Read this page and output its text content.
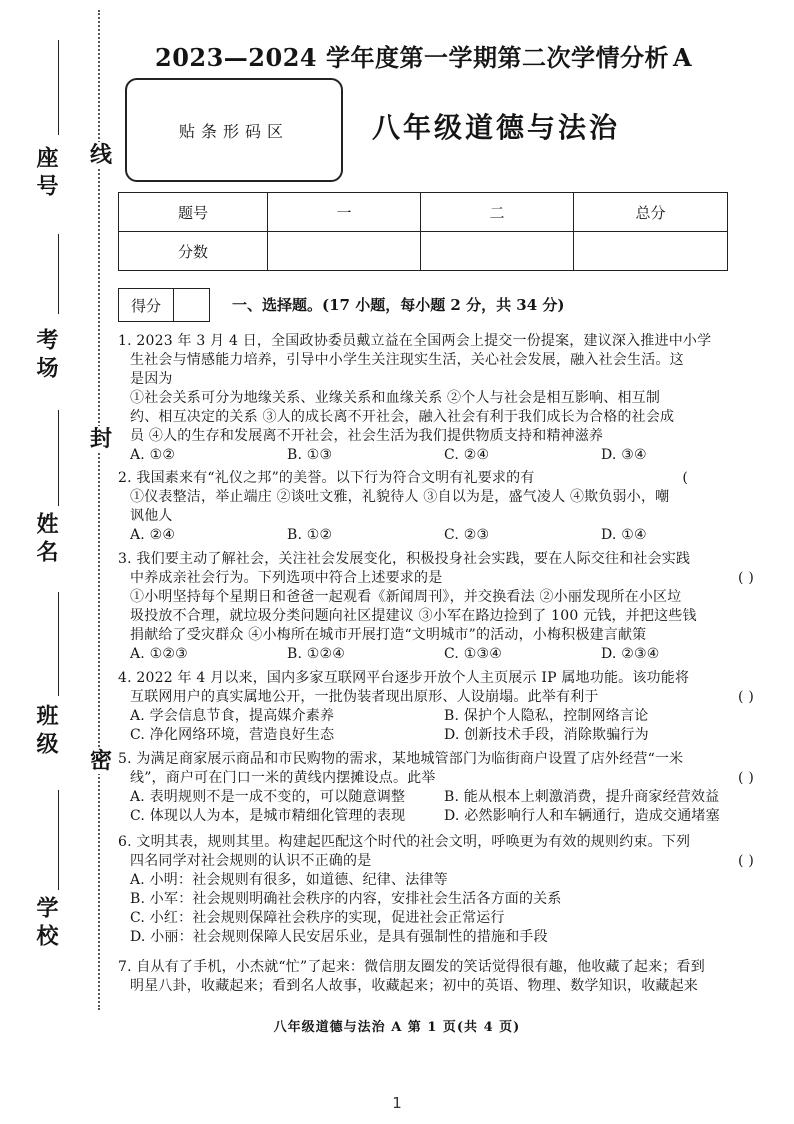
线
封
密
座号
考场
姓名
班级
学校
2023—2024 学年度第一学期第二次学情分析 A
贴条形码区	八年级道德与法治
题号	一	二	总分
分数			
得分	一、选择题。(17 小题，每小题 2 分，共 34 分)
1. 2023 年 3 月 4 日，全国政协委员戴立益在全国两会上提交一份提案，建议深入推进中小学
生社会与情感能力培养，引导中小学生关注现实生活，关心社会发展，融入社会生活。这
是因为
①社会关系可分为地缘关系、业缘关系和血缘关系 ②个人与社会是相互影响、相互制
约、相互决定的关系 ③人的成长离不开社会，融入社会有利于我们成长为合格的社会成
员 ④人的生存和发展离不开社会，社会生活为我们提供物质支持和精神滋养
A. ①②	B. ①③	C. ②④	D. ③④
2. 我国素来有“礼仪之邦”的美誉。以下行为符合文明有礼要求的有	(
①仪表整洁，举止端庄 ②谈吐文雅，礼貌待人 ③自以为是，盛气凌人 ④欺负弱小，嘲
讽他人
A. ②④	B. ①②	C. ②③	D. ①④
3. 我们要主动了解社会，关注社会发展变化，积极投身社会实践，要在人际交往和社会实践
中养成亲社会行为。下列选项中符合上述要求的是	( )
①小明坚持每个星期日和爸爸一起观看《新闻周刊》，并交换看法 ②小丽发现所在小区垃
圾投放不合理，就垃圾分类问题向社区提建议 ③小军在路边捡到了 100 元钱，并把这些钱
捐献给了受灾群众 ④小梅所在城市开展打造“文明城市”的活动，小梅积极建言献策
A. ①②③	B. ①②④	C. ①③④	D. ②③④
4. 2022 年 4 月以来，国内多家互联网平台逐步开放个人主页展示 IP 属地功能。该功能将
互联网用户的真实属地公开，一批伪装者现出原形、人设崩塌。此举有利于	( )
A. 学会信息节食，提高媒介素养	B. 保护个人隐私，控制网络言论
C. 净化网络环境，营造良好生态	D. 创新技术手段，消除欺骗行为
5. 为满足商家展示商品和市民购物的需求，某地城管部门为临街商户设置了店外经营“一米
线”，商户可在门口一米的黄线内摆摊设点。此举	( )
A. 表明规则不是一成不变的，可以随意调整	B. 能从根本上刺激消费，提升商家经营效益
C. 体现以人为本，是城市精细化管理的表现	D. 必然影响行人和车辆通行，造成交通堵塞
6. 文明其表，规则其里。构建起匹配这个时代的社会文明，呼唤更为有效的规则约束。下列
四名同学对社会规则的认识不正确的是	( )
A. 小明：社会规则有很多，如道德、纪律、法律等
B. 小军：社会规则明确社会秩序的内容，安排社会生活各方面的关系
C. 小红：社会规则保障社会秩序的实现，促进社会正常运行
D. 小丽：社会规则保障人民安居乐业，是具有强制性的措施和手段
7. 自从有了手机，小杰就“忙”了起来：微信朋友圈发的笑话觉得很有趣，他收藏了起来；看到
明星八卦，收藏起来；看到名人故事，收藏起来；初中的英语、物理、数学知识，收藏起来
八年级道德与法治 A 第 1 页(共 4 页)
1
